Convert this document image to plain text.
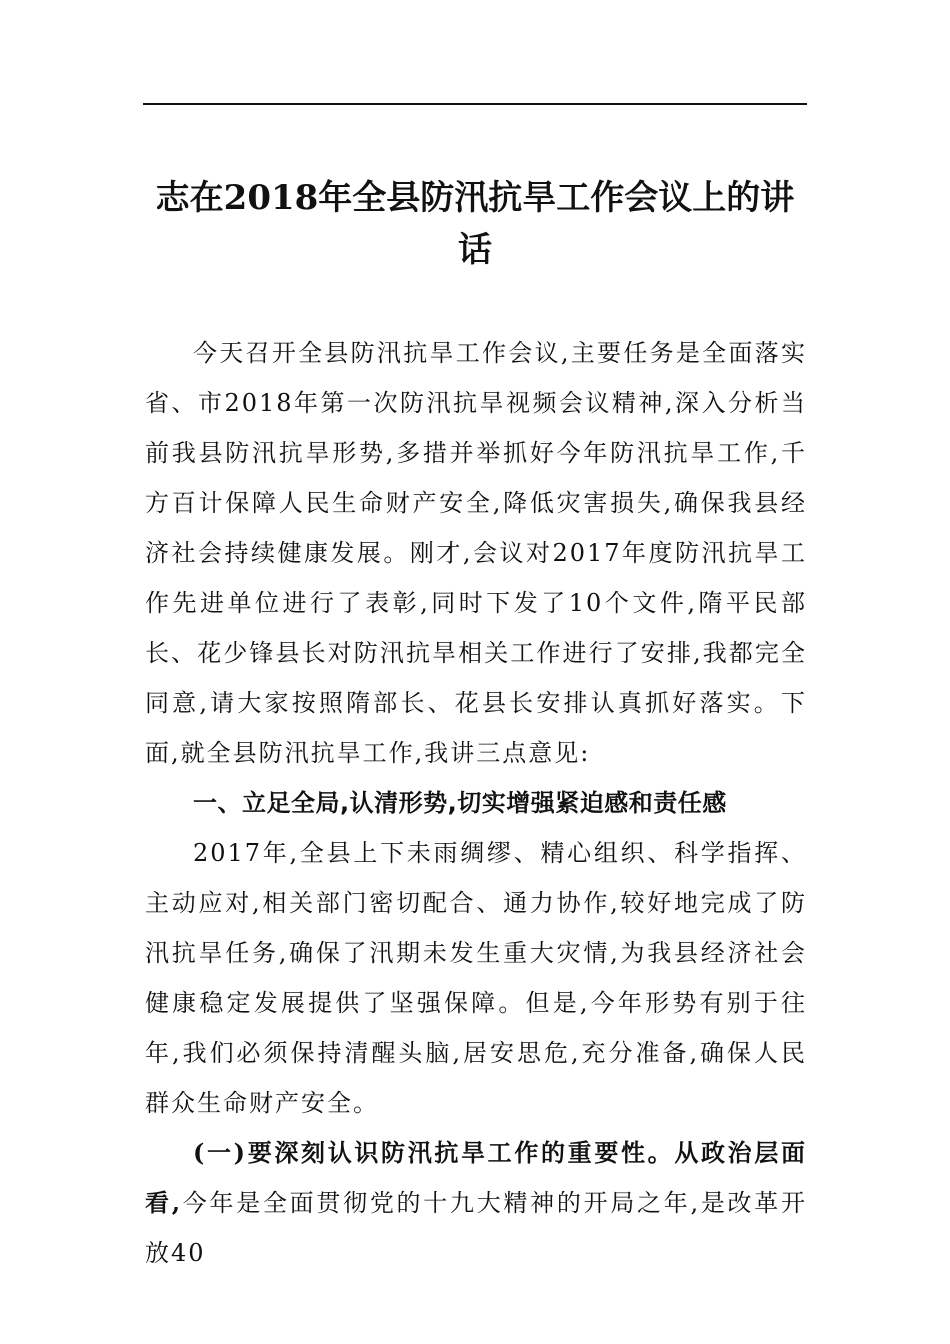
志在2018年全县防汛抗旱工作会议上的讲话

今天召开全县防汛抗旱工作会议,主要任务是全面落实省、市2018年第一次防汛抗旱视频会议精神,深入分析当前我县防汛抗旱形势,多措并举抓好今年防汛抗旱工作,千方百计保障人民生命财产安全,降低灾害损失,确保我县经济社会持续健康发展。刚才,会议对2017年度防汛抗旱工作先进单位进行了表彰,同时下发了10个文件,隋平民部长、花少锋县长对防汛抗旱相关工作进行了安排,我都完全同意,请大家按照隋部长、花县长安排认真抓好落实。下面,就全县防汛抗旱工作,我讲三点意见:

一、立足全局,认清形势,切实增强紧迫感和责任感

2017年,全县上下未雨绸缪、精心组织、科学指挥、主动应对,相关部门密切配合、通力协作,较好地完成了防汛抗旱任务,确保了汛期未发生重大灾情,为我县经济社会健康稳定发展提供了坚强保障。但是,今年形势有别于往年,我们必须保持清醒头脑,居安思危,充分准备,确保人民群众生命财产安全。

(一)要深刻认识防汛抗旱工作的重要性。从政治层面看,今年是全面贯彻党的十九大精神的开局之年,是改革开放40
